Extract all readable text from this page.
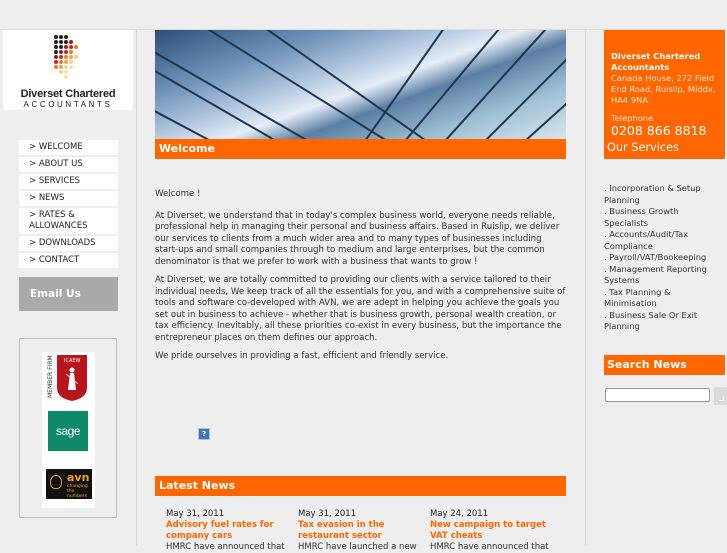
Diverset Chartered
ACCOUNTANTS
> WELCOME
> ABOUT US
> SERVICES
> NEWS
> RATES & ALLOWANCES
> DOWNLOADS
> CONTACT
Email Us
MEMBER FIRM ICAEW
sage
avn
changing the numbers
Welcome

Welcome !

At Diverset, we understand that in today's complex business world, everyone needs reliable, professional help in managing their personal and business affairs. Based in Ruislip, we deliver our services to clients from a much wider area and to many types of businesses including start-ups and small companies through to medium and large enterprises, but the common denominator is that we prefer to work with a business that wants to grow !

At Diverset, we are totally committed to providing our clients with a service tailored to their individual needs, We keep track of all the essentials for you, and with a comprehensive suite of tools and software co-developed with AVN, we are adept in helping you achieve the goals you set out in business to achieve - whether that is business growth, personal wealth creation, or tax efficiency. Inevitably, all these priorities co-exist in every business, but the importance the entrepreneur places on them defines our approach.

We pride ourselves in providing a fast, efficient and friendly service.

?
Latest News
May 31, 2011
Advisory fuel rates for company cars
HMRC have announced that
May 31, 2011
Tax evasion in the restaurant sector
HMRC have launched a new
May 24, 2011
New campaign to target VAT cheats
HMRC have announced that
Diverset Chartered Accountants
Canada House, 272 Field End Road, Ruislip, Middx, HA4 9NA
Telephone
0208 866 8818
Our Services
. Incorporation & Setup Planning
. Business Growth Specialists
. Accounts/Audit/Tax Compliance
. Payroll/VAT/Bookeeping
. Management Reporting Systems
. Tax Planning & Minimisation
. Business Sale Or Exit Planning
Search News
